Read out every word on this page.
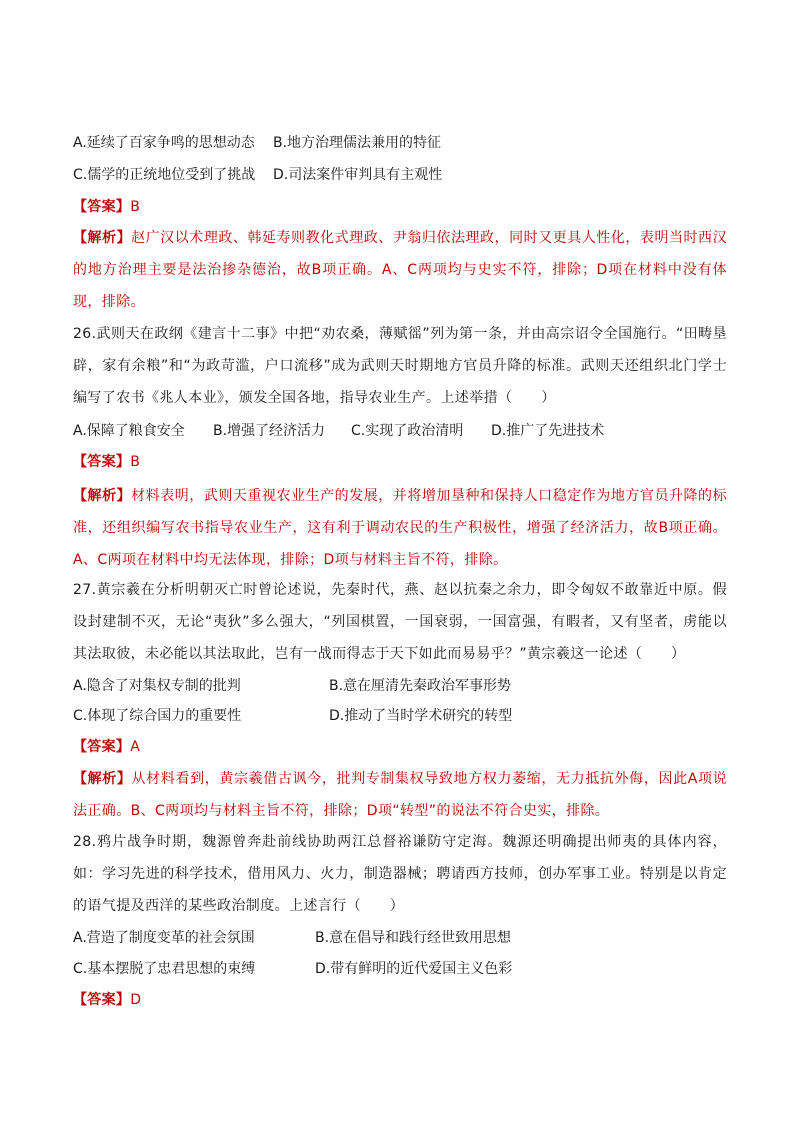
A.延续了百家争鸣的思想动态 B.地方治理儒法兼用的特征
C.儒学的正统地位受到了挑战 D.司法案件审判具有主观性
【答案】B
【解析】赵广汉以术理政、韩延寿则教化式理政、尹翁归依法理政，同时又更具人性化，表明当时西汉的地方治理主要是法治掺杂德治，故B项正确。A、C两项均与史实不符，排除；D项在材料中没有体现，排除。
26.武则天在政纲《建言十二事》中把“劝农桑，薄赋徭”列为第一条，并由高宗诏令全国施行。“田畴垦辟，家有余粮”和“为政苛滥，户口流移”成为武则天时期地方官员升降的标准。武则天还组织北门学士编写了农书《兆人本业》，颁发全国各地，指导农业生产。上述举措（　　）
A.保障了粮食安全 B.增强了经济活力 C.实现了政治清明 D.推广了先进技术
【答案】B
【解析】材料表明，武则天重视农业生产的发展，并将增加垦种和保持人口稳定作为地方官员升降的标准，还组织编写农书指导农业生产，这有利于调动农民的生产积极性，增强了经济活力，故B项正确。A、C两项在材料中均无法体现，排除；D项与材料主旨不符，排除。
27.黄宗羲在分析明朝灭亡时曾论述说，先秦时代，燕、赵以抗秦之余力，即令匈奴不敢靠近中原。假设封建制不灭，无论“夷狄”多么强大，“列国棋置，一国衰弱，一国富强，有暇者，又有坚者，虏能以其法取彼，未必能以其法取此，岂有一战而得志于天下如此而易易乎？”黄宗羲这一论述（　　）
A.隐含了对集权专制的批判	B.意在厘清先秦政治军事形势
C.体现了综合国力的重要性	D.推动了当时学术研究的转型
【答案】A
【解析】从材料看到，黄宗羲借古讽今，批判专制集权导致地方权力萎缩，无力抵抗外侮，因此A项说法正确。B、C两项均与材料主旨不符，排除；D项“转型”的说法不符合史实，排除。
28.鸦片战争时期，魏源曾奔赴前线协助两江总督裕谦防守定海。魏源还明确提出师夷的具体内容，如：学习先进的科学技术，借用风力、火力，制造器械；聘请西方技师，创办军事工业。特别是以肯定的语气提及西洋的某些政治制度。上述言行（　　）
A.营造了制度变革的社会氛围	B.意在倡导和践行经世致用思想
C.基本摆脱了忠君思想的束缚	D.带有鲜明的近代爱国主义色彩
【答案】D
